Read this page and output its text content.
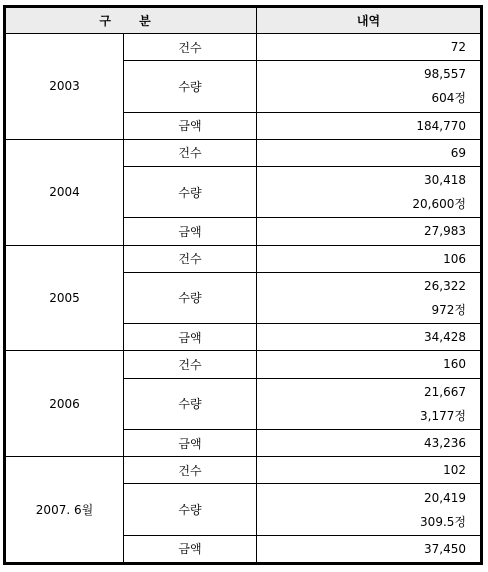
구 분		내역
2003	건수	72
	수량	98,557
604정

	금액	184,770
2004	건수	69
	수량	30,418
20,600정

	금액	27,983
2005	건수	106
	수량	26,322
972정

	금액	34,428
2006	건수	160
	수량	21,667
3,177정

	금액	43,236
2007. 6월	건수	102
	수량	20,419
309.5정

	금액	37,450
